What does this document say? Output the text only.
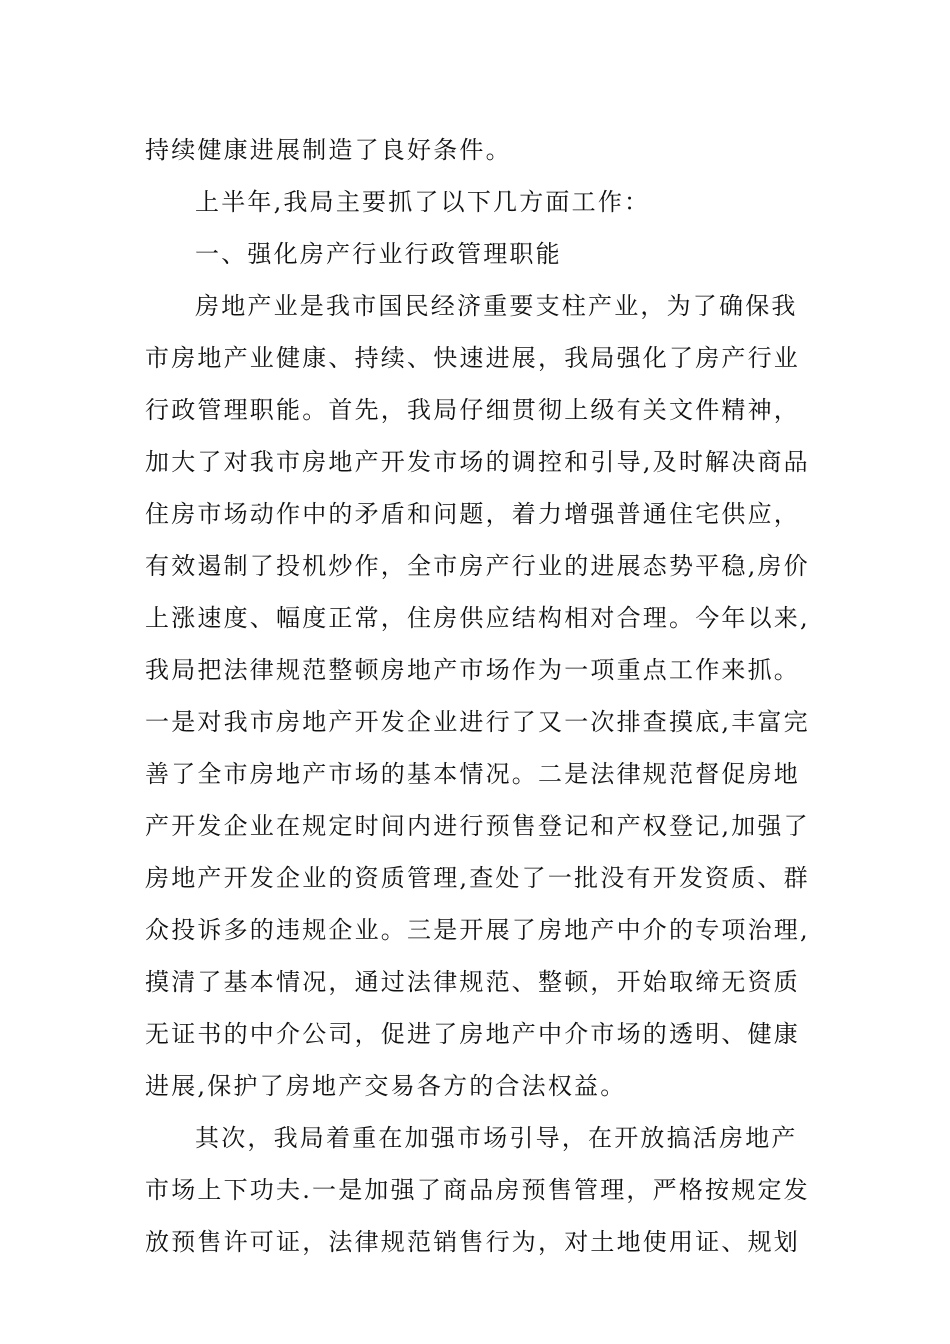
持续健康进展制造了良好条件。
上半年,我局主要抓了以下几方面工作：
一、强化房产行业行政管理职能
房地产业是我市国民经济重要支柱产业，为了确保我
市房地产业健康、持续、快速进展，我局强化了房产行业
行政管理职能。首先，我局仔细贯彻上级有关文件精神，
加大了对我市房地产开发市场的调控和引导,及时解决商品
住房市场动作中的矛盾和问题，着力增强普通住宅供应，
有效遏制了投机炒作，全市房产行业的进展态势平稳,房价
上涨速度、幅度正常，住房供应结构相对合理。今年以来,
我局把法律规范整顿房地产市场作为一项重点工作来抓。
一是对我市房地产开发企业进行了又一次排查摸底,丰富完
善了全市房地产市场的基本情况。二是法律规范督促房地
产开发企业在规定时间内进行预售登记和产权登记,加强了
房地产开发企业的资质管理,查处了一批没有开发资质、群
众投诉多的违规企业。三是开展了房地产中介的专项治理,
摸清了基本情况，通过法律规范、整顿，开始取缔无资质
无证书的中介公司，促进了房地产中介市场的透明、健康
进展,保护了房地产交易各方的合法权益。
其次，我局着重在加强市场引导，在开放搞活房地产
市场上下功夫.一是加强了商品房预售管理，严格按规定发
放预售许可证，法律规范销售行为，对土地使用证、规划
